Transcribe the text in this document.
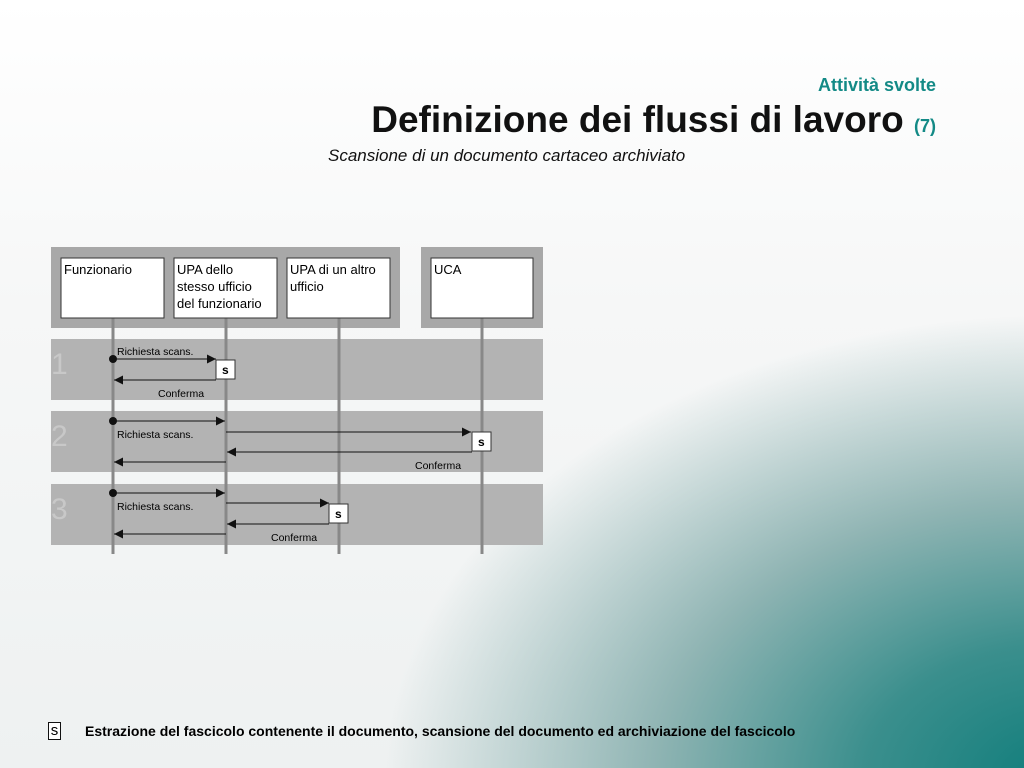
Attività svolte
Definizione dei flussi di lavoro (7)
Scansione di un documento cartaceo archiviato
1
2
3
Funzionario	UPA dello
stesso ufficio
del funzionario
UPA di un altro
ufficio
UCA
Richiesta scans.
s
Conferma
Richiesta scans.	s
Conferma
Richiesta scans.	s
Conferma
s Estrazione del fascicolo contenente il documento, scansione del documento ed archiviazione del fascicolo
